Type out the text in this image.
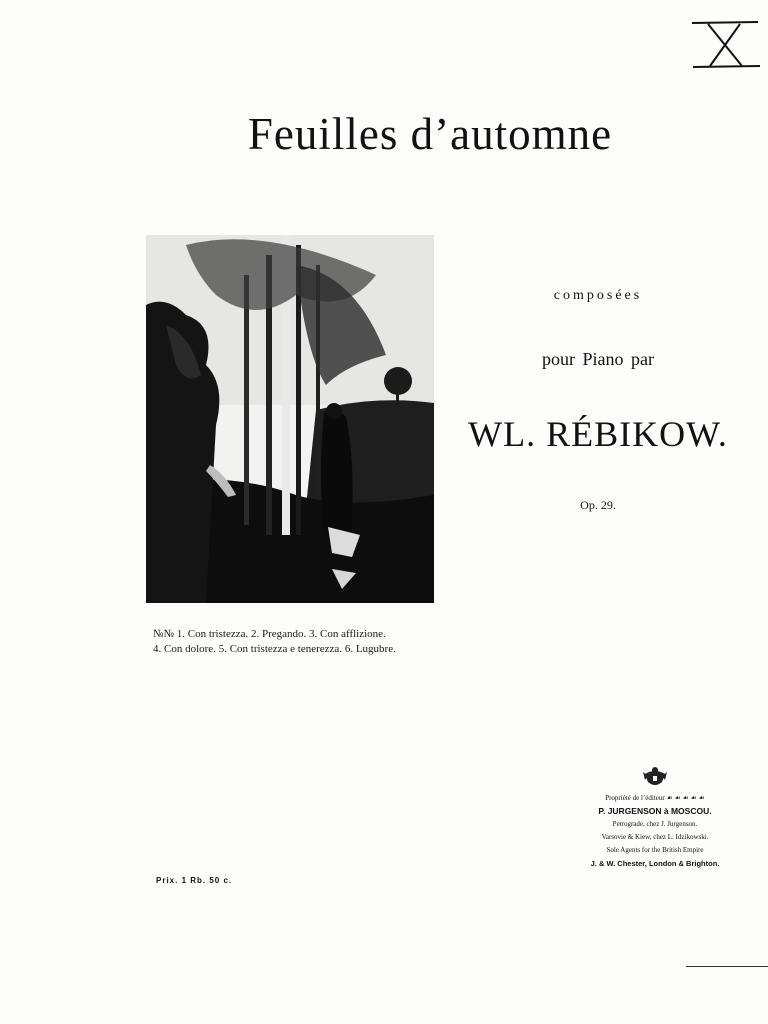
Feuilles d’automne
composées
pour Piano par
WL. RÉBIKOW.
Op. 29.
№№ 1. Con tristezza. 2. Pregando. 3. Con afflizione.
4. Con dolore. 5. Con tristezza e tenerezza. 6. Lugubre.
Propriété de l’éditeur ☙ ☙ ☙ ☙ ☙
P. JURGENSON à MOSCOU.
Petrograde, chez J. Jurgenson.
Varsovie & Kiew, chez L. Idzikowski.
Sole Agents for the British Empire
J. & W. Chester, London & Brighton.
Prix. 1 Rb. 50 c.
